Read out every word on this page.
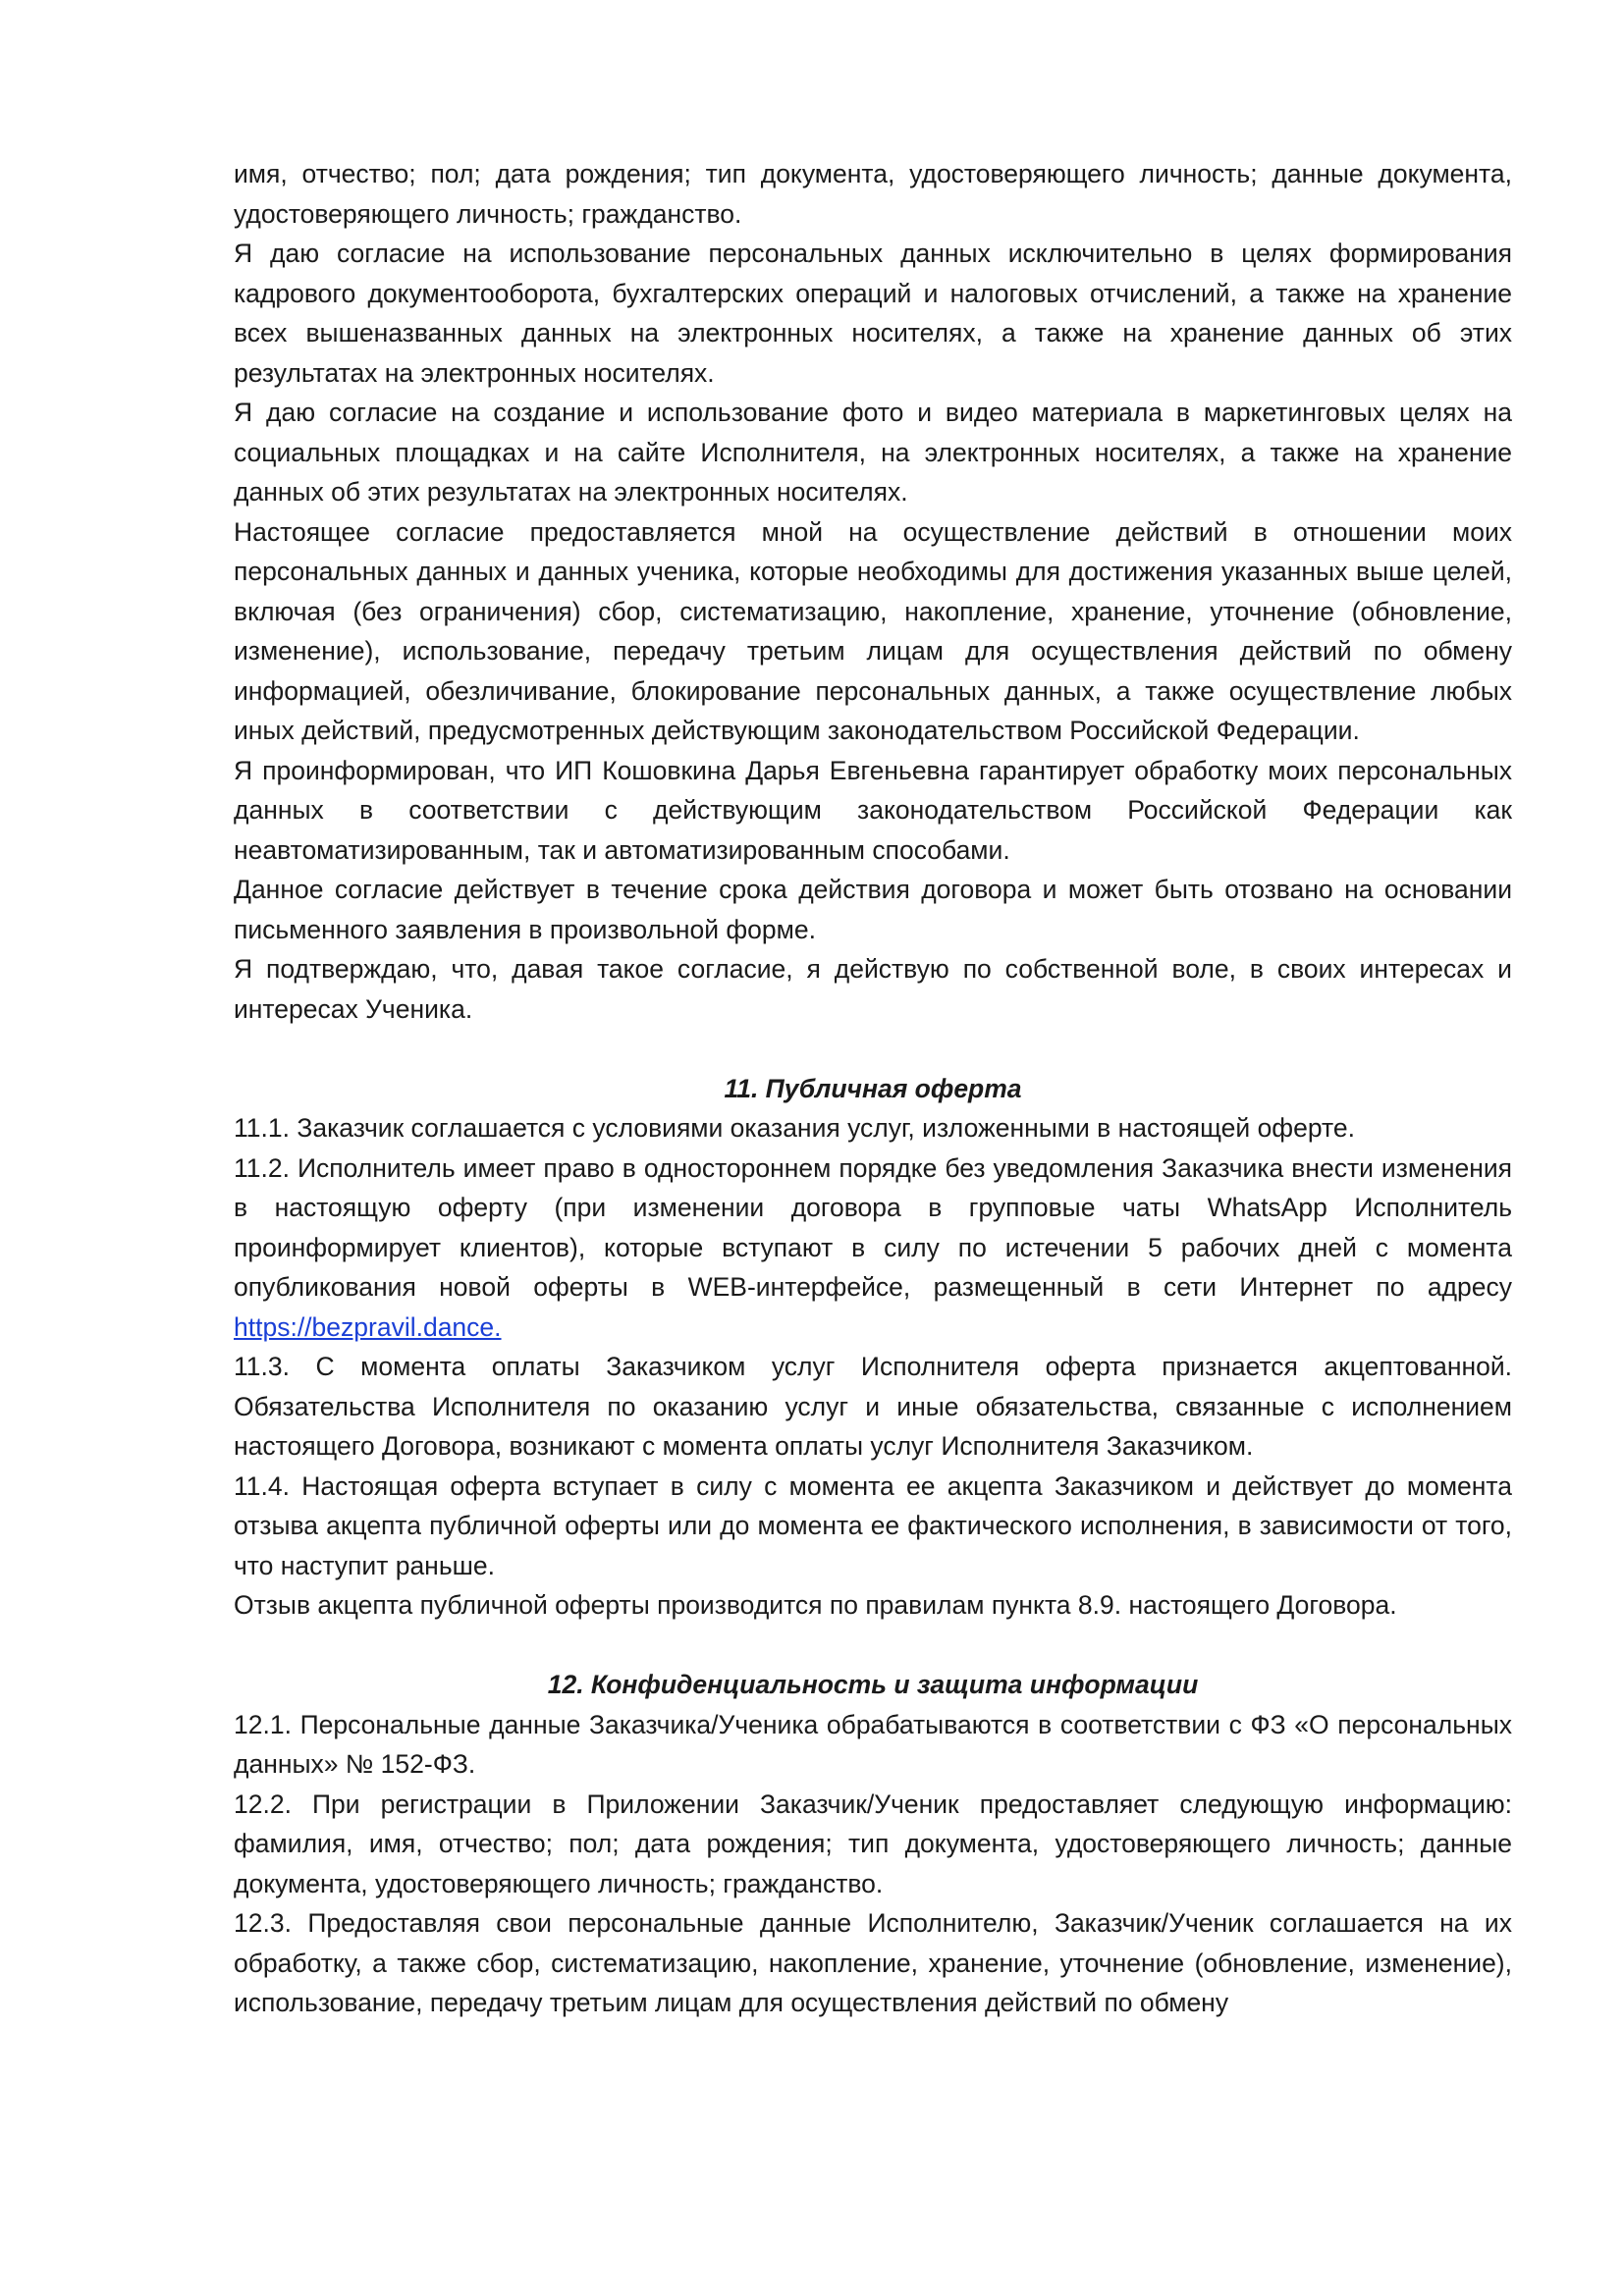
имя, отчество; пол; дата рождения; тип документа, удостоверяющего личность; данные документа, удостоверяющего личность; гражданство.

Я даю согласие на использование персональных данных исключительно в целях формирования кадрового документооборота, бухгалтерских операций и налоговых отчислений, а также на хранение всех вышеназванных данных на электронных носителях, а также на хранение данных об этих результатах на электронных носителях.

Я даю согласие на создание и использование фото и видео материала в маркетинговых целях на социальных площадках и на сайте Исполнителя, на электронных носителях, а также на хранение данных об этих результатах на электронных носителях.

Настоящее согласие предоставляется мной на осуществление действий в отношении моих персональных данных и данных ученика, которые необходимы для достижения указанных выше целей, включая (без ограничения) сбор, систематизацию, накопление, хранение, уточнение (обновление, изменение), использование, передачу третьим лицам для осуществления действий по обмену информацией, обезличивание, блокирование персональных данных, а также осуществление любых иных действий, предусмотренных действующим законодательством Российской Федерации.

Я проинформирован, что ИП Кошовкина Дарья Евгеньевна гарантирует обработку моих персональных данных в соответствии с действующим законодательством Российской Федерации как неавтоматизированным, так и автоматизированным способами.

Данное согласие действует в течение срока действия договора и может быть отозвано на основании письменного заявления в произвольной форме.

Я подтверждаю, что, давая такое согласие, я действую по собственной воле, в своих интересах и интересах Ученика.

11. Публичная оферта

11.1. Заказчик соглашается с условиями оказания услуг, изложенными в настоящей оферте.

11.2. Исполнитель имеет право в одностороннем порядке без уведомления Заказчика внести изменения в настоящую оферту (при изменении договора в групповые чаты WhatsApp Исполнитель проинформирует клиентов), которые вступают в силу по истечении 5 рабочих дней с момента опубликования новой оферты в WEB-интерфейсе, размещенный в сети Интернет по адресу https://bezpravil.dance.

11.3. С момента оплаты Заказчиком услуг Исполнителя оферта признается акцептованной. Обязательства Исполнителя по оказанию услуг и иные обязательства, связанные с исполнением настоящего Договора, возникают с момента оплаты услуг Исполнителя Заказчиком.

11.4. Настоящая оферта вступает в силу с момента ее акцепта Заказчиком и действует до момента отзыва акцепта публичной оферты или до момента ее фактического исполнения, в зависимости от того, что наступит раньше.

Отзыв акцепта публичной оферты производится по правилам пункта 8.9. настоящего Договора.

12. Конфиденциальность и защита информации

12.1. Персональные данные Заказчика/Ученика обрабатываются в соответствии с ФЗ «О персональных данных» № 152-ФЗ.

12.2. При регистрации в Приложении Заказчик/Ученик предоставляет следующую информацию: фамилия, имя, отчество; пол; дата рождения; тип документа, удостоверяющего личность; данные документа, удостоверяющего личность; гражданство.

12.3. Предоставляя свои персональные данные Исполнителю, Заказчик/Ученик соглашается на их обработку, а также сбор, систематизацию, накопление, хранение, уточнение (обновление, изменение), использование, передачу третьим лицам для осуществления действий по обмену
